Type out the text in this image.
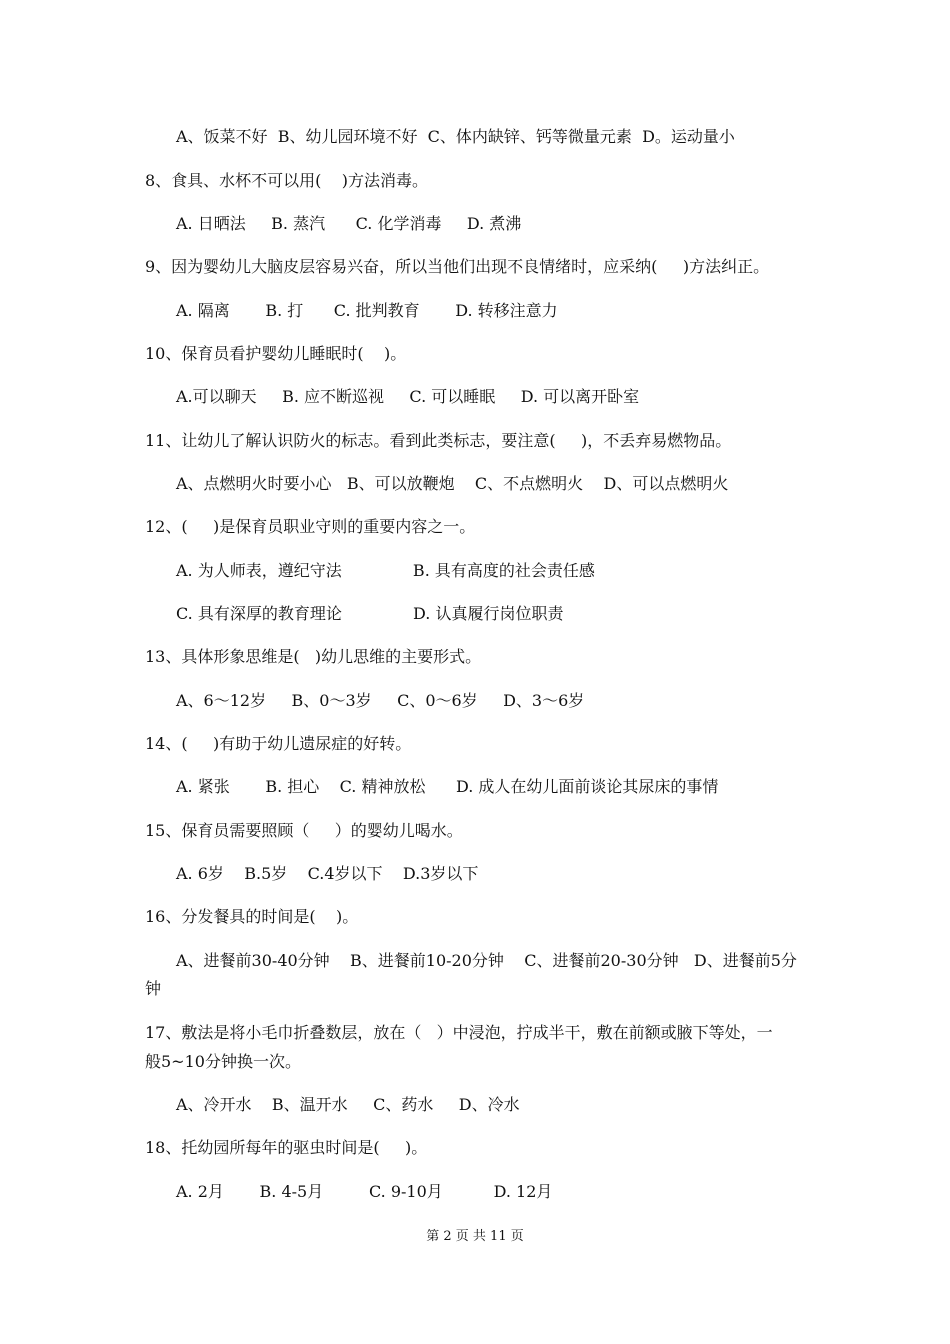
A、饭菜不好  B、幼儿园环境不好  C、体内缺锌、钙等微量元素  D。运动量小
8、食具、水杯不可以用(    )方法消毒。
A. 日晒法     B. 蒸汽      C. 化学消毒     D. 煮沸
9、因为婴幼儿大脑皮层容易兴奋，所以当他们出现不良情绪时，应采纳(     )方法纠正。
A. 隔离       B. 打      C. 批判教育       D. 转移注意力
10、保育员看护婴幼儿睡眠时(    )。
A.可以聊天     B. 应不断巡视     C. 可以睡眠     D. 可以离开卧室
11、让幼儿了解认识防火的标志。看到此类标志，要注意(     )，不丢弃易燃物品。
A、点燃明火时要小心   B、可以放鞭炮    C、不点燃明火    D、可以点燃明火
12、(     )是保育员职业守则的重要内容之一。
A. 为人师表，遵纪守法              B. 具有高度的社会责任感
C. 具有深厚的教育理论              D. 认真履行岗位职责
13、具体形象思维是(   )幼儿思维的主要形式。
A、6～12岁     B、0～3岁     C、0～6岁     D、3～6岁
14、(     )有助于幼儿遗尿症的好转。
A. 紧张       B. 担心    C. 精神放松      D. 成人在幼儿面前谈论其尿床的事情
15、保育员需要照顾（     ）的婴幼儿喝水。
A. 6岁    B.5岁    C.4岁以下    D.3岁以下
16、分发餐具的时间是(    )。
A、进餐前30-40分钟    B、进餐前10-20分钟    C、进餐前20-30分钟   D、进餐前5分
钟
17、敷法是将小毛巾折叠数层，放在（   ）中浸泡，拧成半干，敷在前额或腋下等处，一
般5~10分钟换一次。
A、冷开水    B、温开水     C、药水     D、冷水
18、托幼园所每年的驱虫时间是(     )。
A. 2月       B. 4-5月         C. 9-10月          D. 12月
第 2 页 共 11 页
